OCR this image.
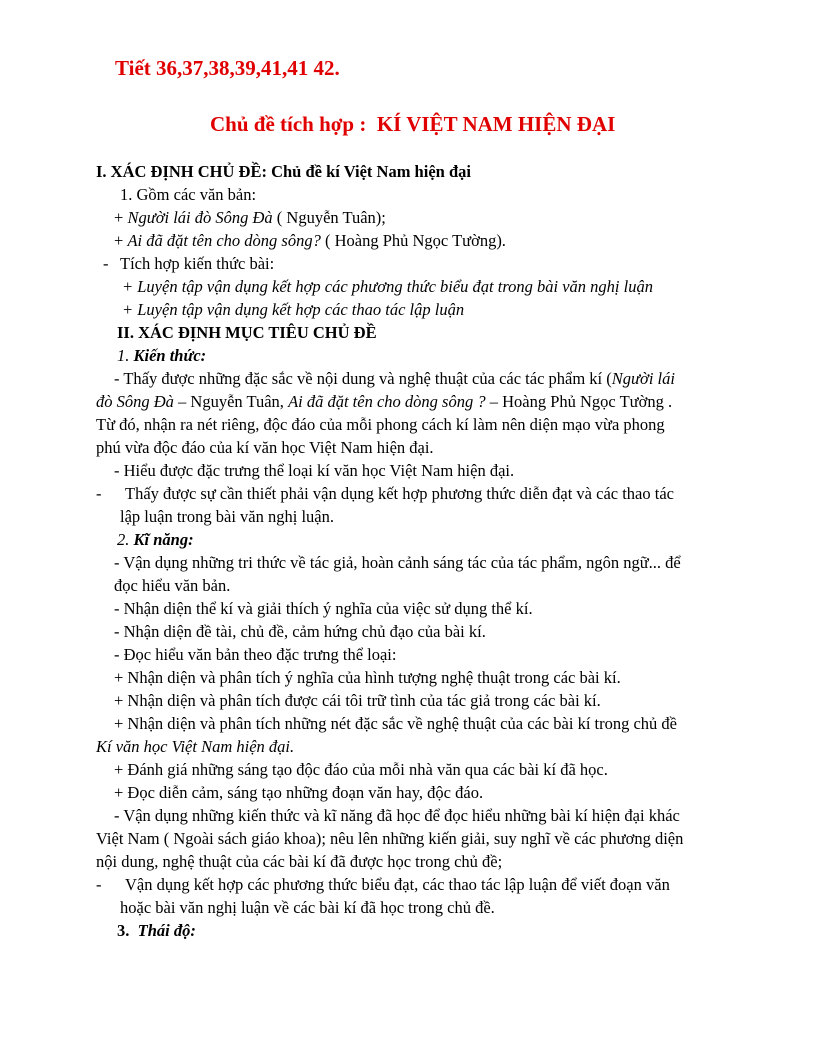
Tiết 36,37,38,39,41,41 42.
Chủ đề tích hợp : KÍ VIỆT NAM HIỆN ĐẠI
I. XÁC ĐỊNH CHỦ ĐỀ: Chủ đề kí Việt Nam hiện đại
1. Gồm các văn bản:
+ Người lái đò Sông Đà ( Nguyễn Tuân);
+ Ai đã đặt tên cho dòng sông? ( Hoàng Phủ Ngọc Tường).
- Tích hợp kiến thức bài:
+ Luyện tập vận dụng kết hợp các phương thức biểu đạt trong bài văn nghị luận
+ Luyện tập vận dụng kết hợp các thao tác lập luận
II. XÁC ĐỊNH MỤC TIÊU CHỦ ĐỀ
1. Kiến thức:
- Thấy được những đặc sắc về nội dung và nghệ thuật của các tác phẩm kí (Người lái
đò Sông Đà – Nguyễn Tuân, Ai đã đặt tên cho dòng sông ? – Hoàng Phủ Ngọc Tường .
Từ đó, nhận ra nét riêng, độc đáo của mỗi phong cách kí làm nên diện mạo vừa phong
phú vừa độc đáo của kí văn học Việt Nam hiện đại.
- Hiểu được đặc trưng thể loại kí văn học Việt Nam hiện đại.
- Thấy được sự cần thiết phải vận dụng kết hợp phương thức diễn đạt và các thao tác
lập luận trong bài văn nghị luận.
2. Kĩ năng:
- Vận dụng những tri thức về tác giả, hoàn cảnh sáng tác của tác phẩm, ngôn ngữ... để
đọc hiểu văn bản.
- Nhận diện thể kí và giải thích ý nghĩa của việc sử dụng thể kí.
- Nhận diện đề tài, chủ đề, cảm hứng chủ đạo của bài kí.
- Đọc hiểu văn bản theo đặc trưng thể loại:
+ Nhận diện và phân tích ý nghĩa của hình tượng nghệ thuật trong các bài kí.
+ Nhận diện và phân tích được cái tôi trữ tình của tác giả trong các bài kí.
+ Nhận diện và phân tích những nét đặc sắc về nghệ thuật của các bài kí trong chủ đề
Kí văn học Việt Nam hiện đại.
+ Đánh giá những sáng tạo độc đáo của mỗi nhà văn qua các bài kí đã học.
+ Đọc diễn cảm, sáng tạo những đoạn văn hay, độc đáo.
- Vận dụng những kiến thức và kĩ năng đã học để đọc hiểu những bài kí hiện đại khác
Việt Nam ( Ngoài sách giáo khoa); nêu lên những kiến giải, suy nghĩ về các phương diện
nội dung, nghệ thuật của các bài kí đã được học trong chủ đề;
- Vận dụng kết hợp các phương thức biểu đạt, các thao tác lập luận để viết đoạn văn
hoặc bài văn nghị luận về các bài kí đã học trong chủ đề.
3. Thái độ:
